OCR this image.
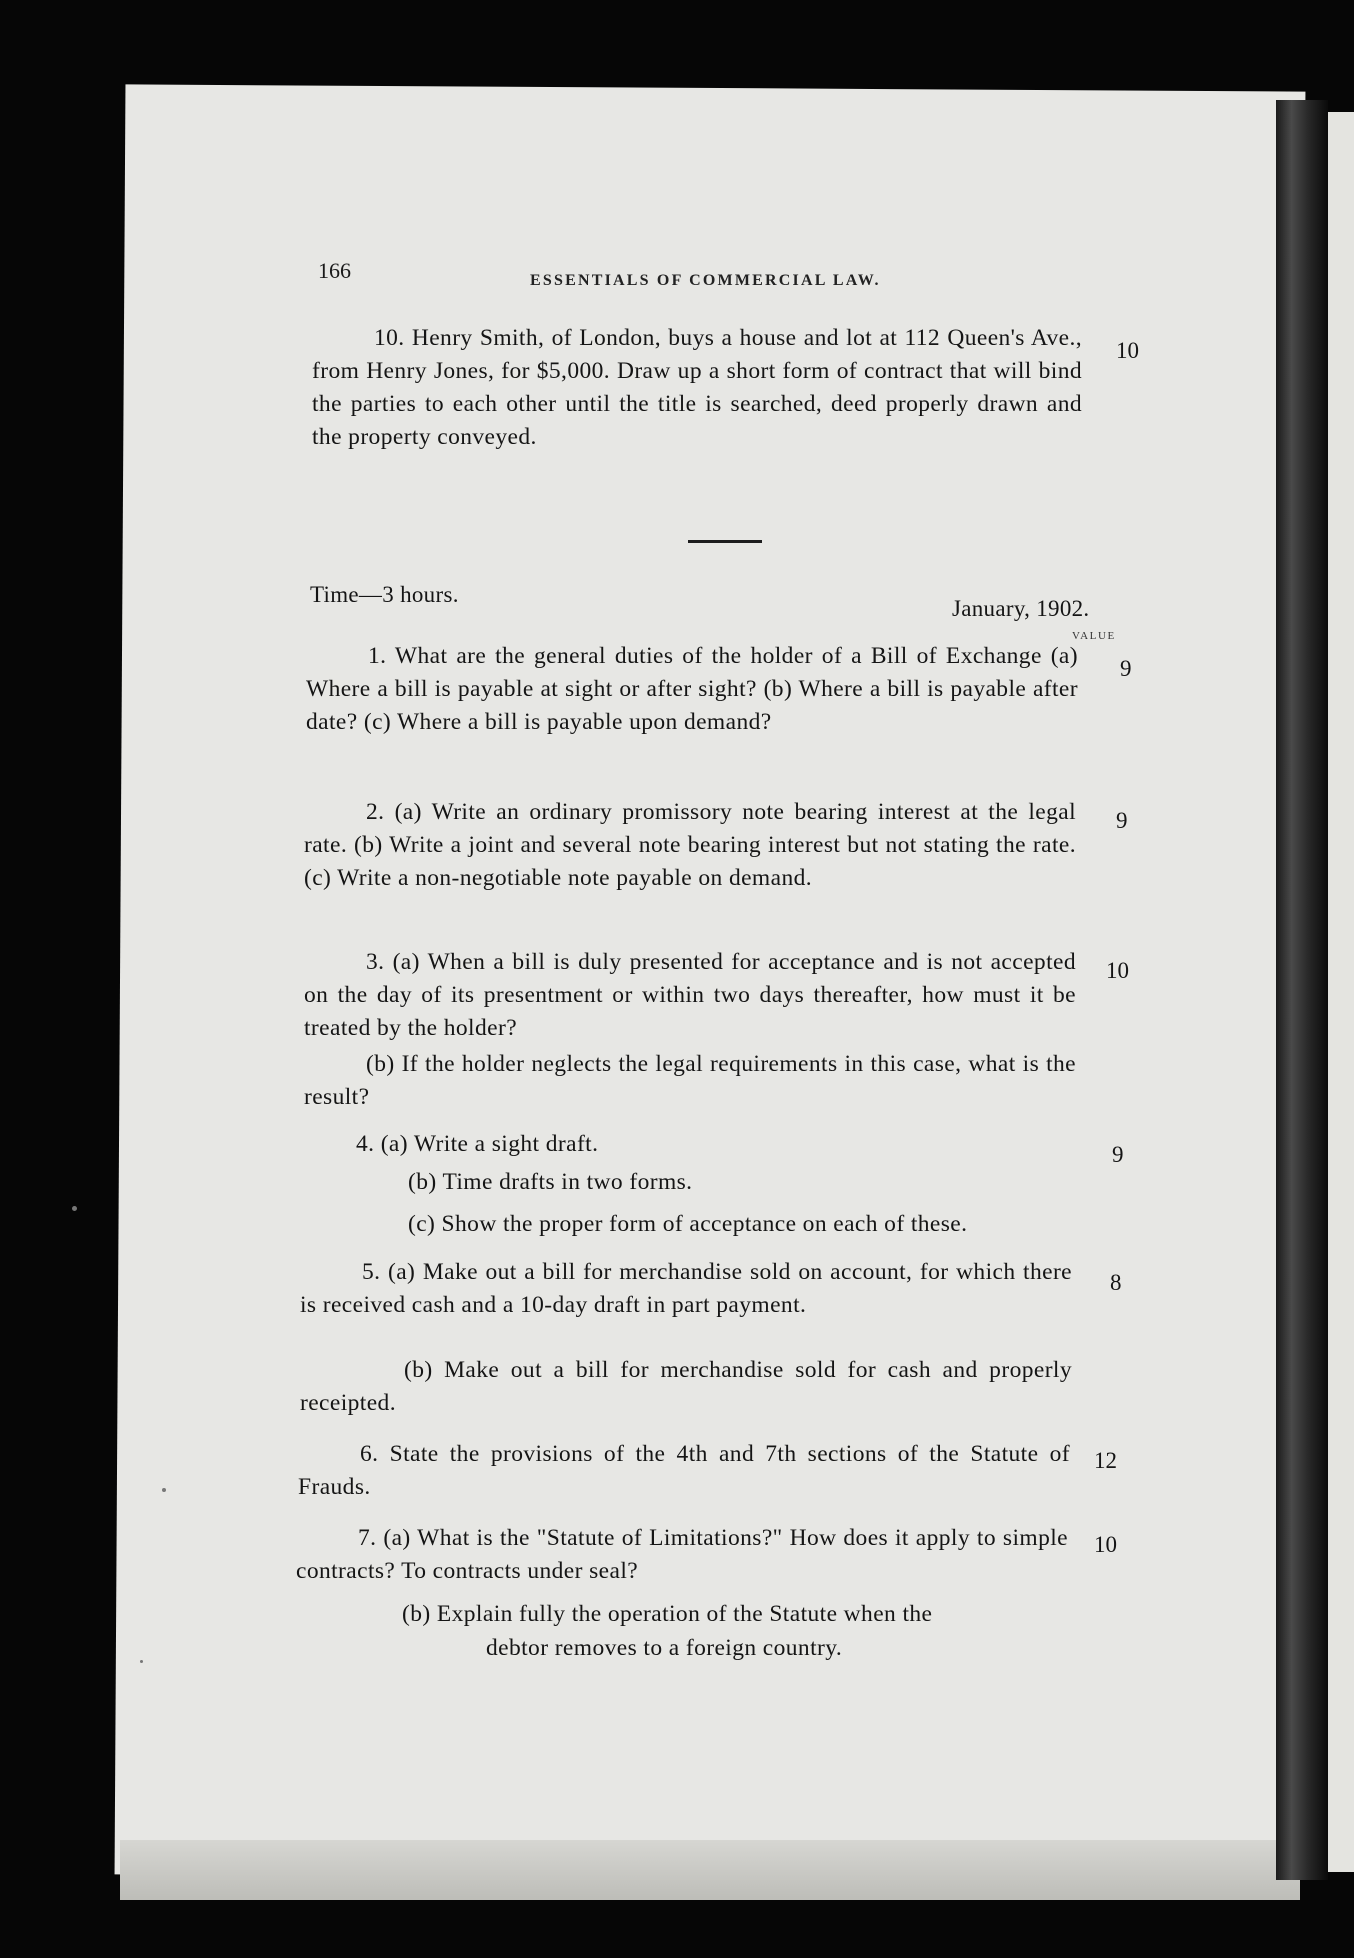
166	ESSENTIALS OF COMMERCIAL LAW.
10. Henry Smith, of London, buys a house and lot at 112 Queen's Ave., from Henry Jones, for $5,000. Draw up a short form of contract that will bind the parties to each other until the title is searched, deed properly drawn and the property conveyed.
10
Time—3 hours.
January, 1902.
VALUE
1. What are the general duties of the holder of a Bill of Exchange (a) Where a bill is payable at sight or after sight? (b) Where a bill is payable after date? (c) Where a bill is payable upon demand?
9
2. (a) Write an ordinary promissory note bearing interest at the legal rate. (b) Write a joint and several note bearing interest but not stating the rate. (c) Write a non-negotiable note payable on demand.
9
3. (a) When a bill is duly presented for acceptance and is not accepted on the day of its presentment or within two days thereafter, how must it be treated by the holder?
(b) If the holder neglects the legal requirements in this case, what is the result?
10
4. (a) Write a sight draft.
(b) Time drafts in two forms.
(c) Show the proper form of acceptance on each of these.
9
5. (a) Make out a bill for merchandise sold on account, for which there is received cash and a 10-day draft in part payment.
(b) Make out a bill for merchandise sold for cash and properly receipted.
8
6. State the provisions of the 4th and 7th sections of the Statute of Frauds.
12
7. (a) What is the "Statute of Limitations?" How does it apply to simple contracts? To contracts under seal?
(b) Explain fully the operation of the Statute when the
debtor removes to a foreign country.
10
